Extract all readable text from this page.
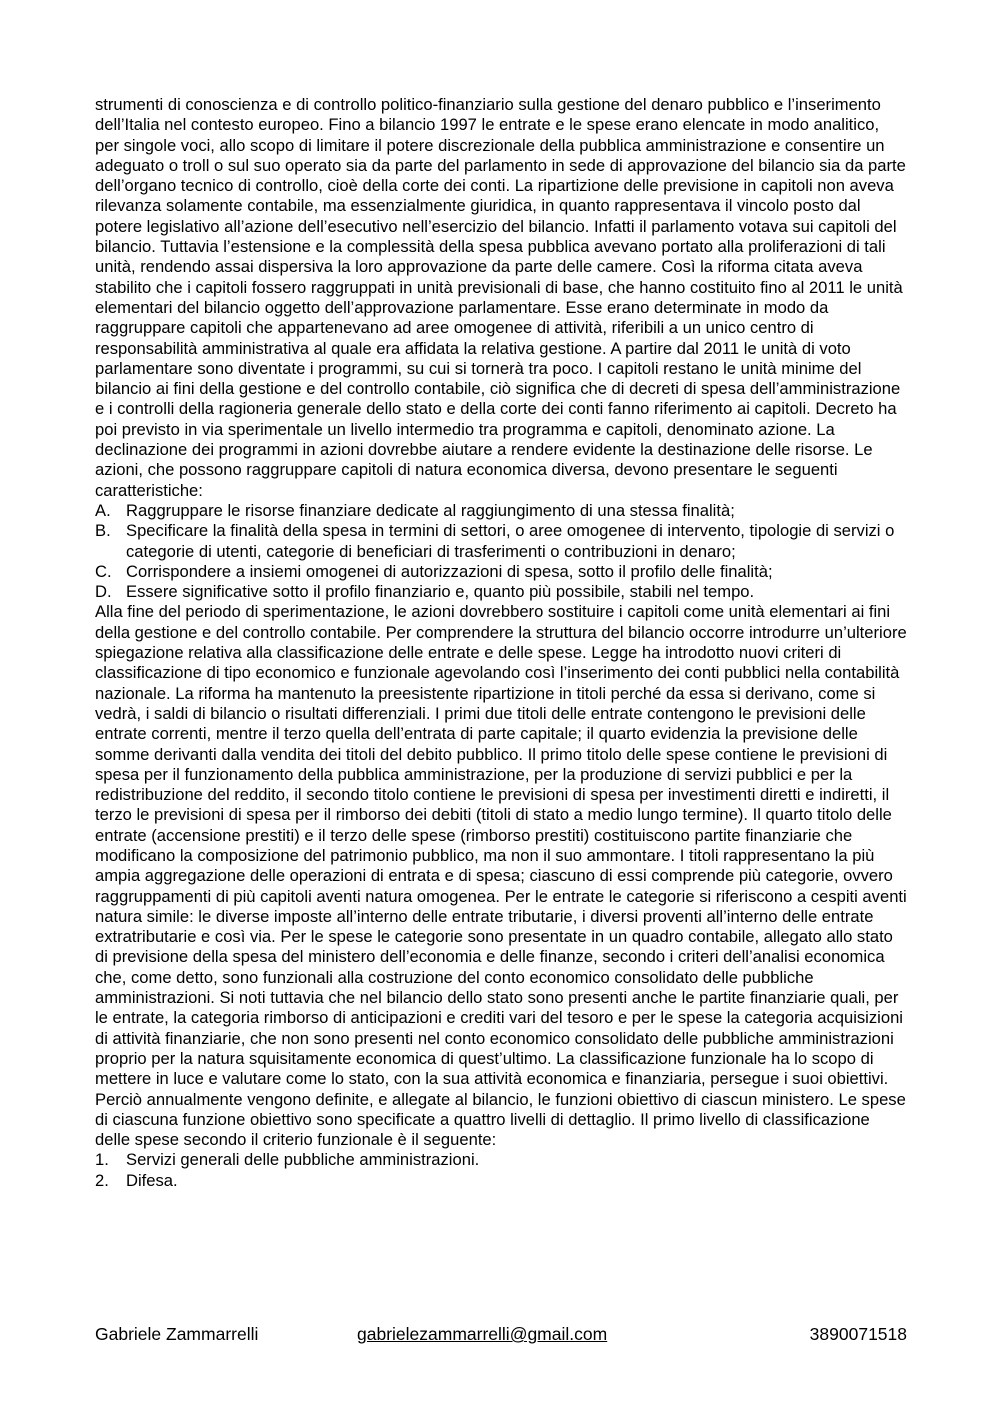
strumenti di conoscienza e di controllo politico-finanziario sulla gestione del denaro pubblico e l’inserimento dell’Italia nel contesto europeo. Fino a bilancio 1997 le entrate e le spese erano elencate in modo analitico, per singole voci, allo scopo di limitare il potere discrezionale della pubblica amministrazione e consentire un adeguato o troll o sul suo operato sia da parte del parlamento in sede di approvazione del bilancio sia da parte dell’organo tecnico di controllo, cioè della corte dei conti. La ripartizione delle previsione in capitoli non aveva rilevanza solamente contabile, ma essenzialmente giuridica, in quanto rappresentava il vincolo posto dal potere legislativo all’azione dell’esecutivo nell’esercizio del bilancio. Infatti il parlamento votava sui capitoli del bilancio. Tuttavia l’estensione e la complessità della spesa pubblica avevano portato alla proliferazioni di tali unità, rendendo assai dispersiva la loro approvazione da parte delle camere. Così la riforma citata aveva stabilito che i capitoli fossero raggruppati in unità previsionali di base, che hanno costituito fino al 2011 le unità elementari del bilancio oggetto dell’approvazione parlamentare. Esse erano determinate in modo da raggruppare capitoli che appartenevano ad aree omogenee di attività, riferibili a un unico centro di responsabilità amministrativa al quale era affidata la relativa gestione. A partire dal 2011 le unità di voto parlamentare sono diventate i programmi, su cui si tornerà tra poco. I capitoli restano le unità minime del bilancio ai fini della gestione e del controllo contabile, ciò significa che di decreti di spesa dell’amministrazione e i controlli della ragioneria generale dello stato e della corte dei conti fanno riferimento ai capitoli. Decreto ha poi previsto in via sperimentale un livello intermedio tra programma e capitoli, denominato azione. La declinazione dei programmi in azioni dovrebbe aiutare a rendere evidente la destinazione delle risorse. Le azioni, che possono raggruppare capitoli di natura economica diversa, devono presentare le seguenti caratteristiche:

A. Raggruppare le risorse finanziare dedicate al raggiungimento di una stessa finalità;
B. Specificare la finalità della spesa in termini di settori, o aree omogenee di intervento, tipologie di servizi o categorie di utenti, categorie di beneficiari di trasferimenti o contribuzioni in denaro;
C. Corrispondere a insiemi omogenei di autorizzazioni di spesa, sotto il profilo delle finalità;
D. Essere significative sotto il profilo finanziario e, quanto più possibile, stabili nel tempo.

Alla fine del periodo di sperimentazione, le azioni dovrebbero sostituire i capitoli come unità elementari ai fini della gestione e del controllo contabile. Per comprendere la struttura del bilancio occorre introdurre un’ulteriore spiegazione relativa alla classificazione delle entrate e delle spese. Legge ha introdotto nuovi criteri di classificazione di tipo economico e funzionale agevolando così l’inserimento dei conti pubblici nella contabilità nazionale. La riforma ha mantenuto la preesistente ripartizione in titoli perché da essa si derivano, come si vedrà, i saldi di bilancio o risultati differenziali. I primi due titoli delle entrate contengono le previsioni delle entrate correnti, mentre il terzo quella dell’entrata di parte capitale; il quarto evidenzia la previsione delle somme derivanti dalla vendita dei titoli del debito pubblico. Il primo titolo delle spese contiene le previsioni di spesa per il funzionamento della pubblica amministrazione, per la produzione di servizi pubblici e per la redistribuzione del reddito, il secondo titolo contiene le previsioni di spesa per investimenti diretti e indiretti, il terzo le previsioni di spesa per il rimborso dei debiti (titoli di stato a medio lungo termine). Il quarto titolo delle entrate (accensione prestiti) e il terzo delle spese (rimborso prestiti) costituiscono partite finanziarie che modificano la composizione del patrimonio pubblico, ma non il suo ammontare. I titoli rappresentano la più ampia aggregazione delle operazioni di entrata e di spesa; ciascuno di essi comprende più categorie, ovvero raggruppamenti di più capitoli aventi natura omogenea. Per le entrate le categorie si riferiscono a cespiti aventi natura simile: le diverse imposte all’interno delle entrate tributarie, i diversi proventi all’interno delle entrate extratributarie e così via. Per le spese le categorie sono presentate in un quadro contabile, allegato allo stato di previsione della spesa del ministero dell’economia e delle finanze, secondo i criteri dell’analisi economica che, come detto, sono funzionali alla costruzione del conto economico consolidato delle pubbliche amministrazioni. Si noti tuttavia che nel bilancio dello stato sono presenti anche le partite finanziarie quali, per le entrate, la categoria rimborso di anticipazioni e crediti vari del tesoro e per le spese la categoria acquisizioni di attività finanziarie, che non sono presenti nel conto economico consolidato delle pubbliche amministrazioni proprio per la natura squisitamente economica di quest’ultimo. La classificazione funzionale ha lo scopo di mettere in luce e valutare come lo stato, con la sua attività economica e finanziaria, persegue i suoi obiettivi. Perciò annualmente vengono definite, e allegate al bilancio, le funzioni obiettivo di ciascun ministero. Le spese di ciascuna funzione obiettivo sono specificate a quattro livelli di dettaglio. Il primo livello di classificazione delle spese secondo il criterio funzionale è il seguente:

1.	Servizi generali delle pubbliche amministrazioni.
2.	Difesa.
Gabriele Zammarrelli	gabrielezammarrelli@gmail.com	3890071518
